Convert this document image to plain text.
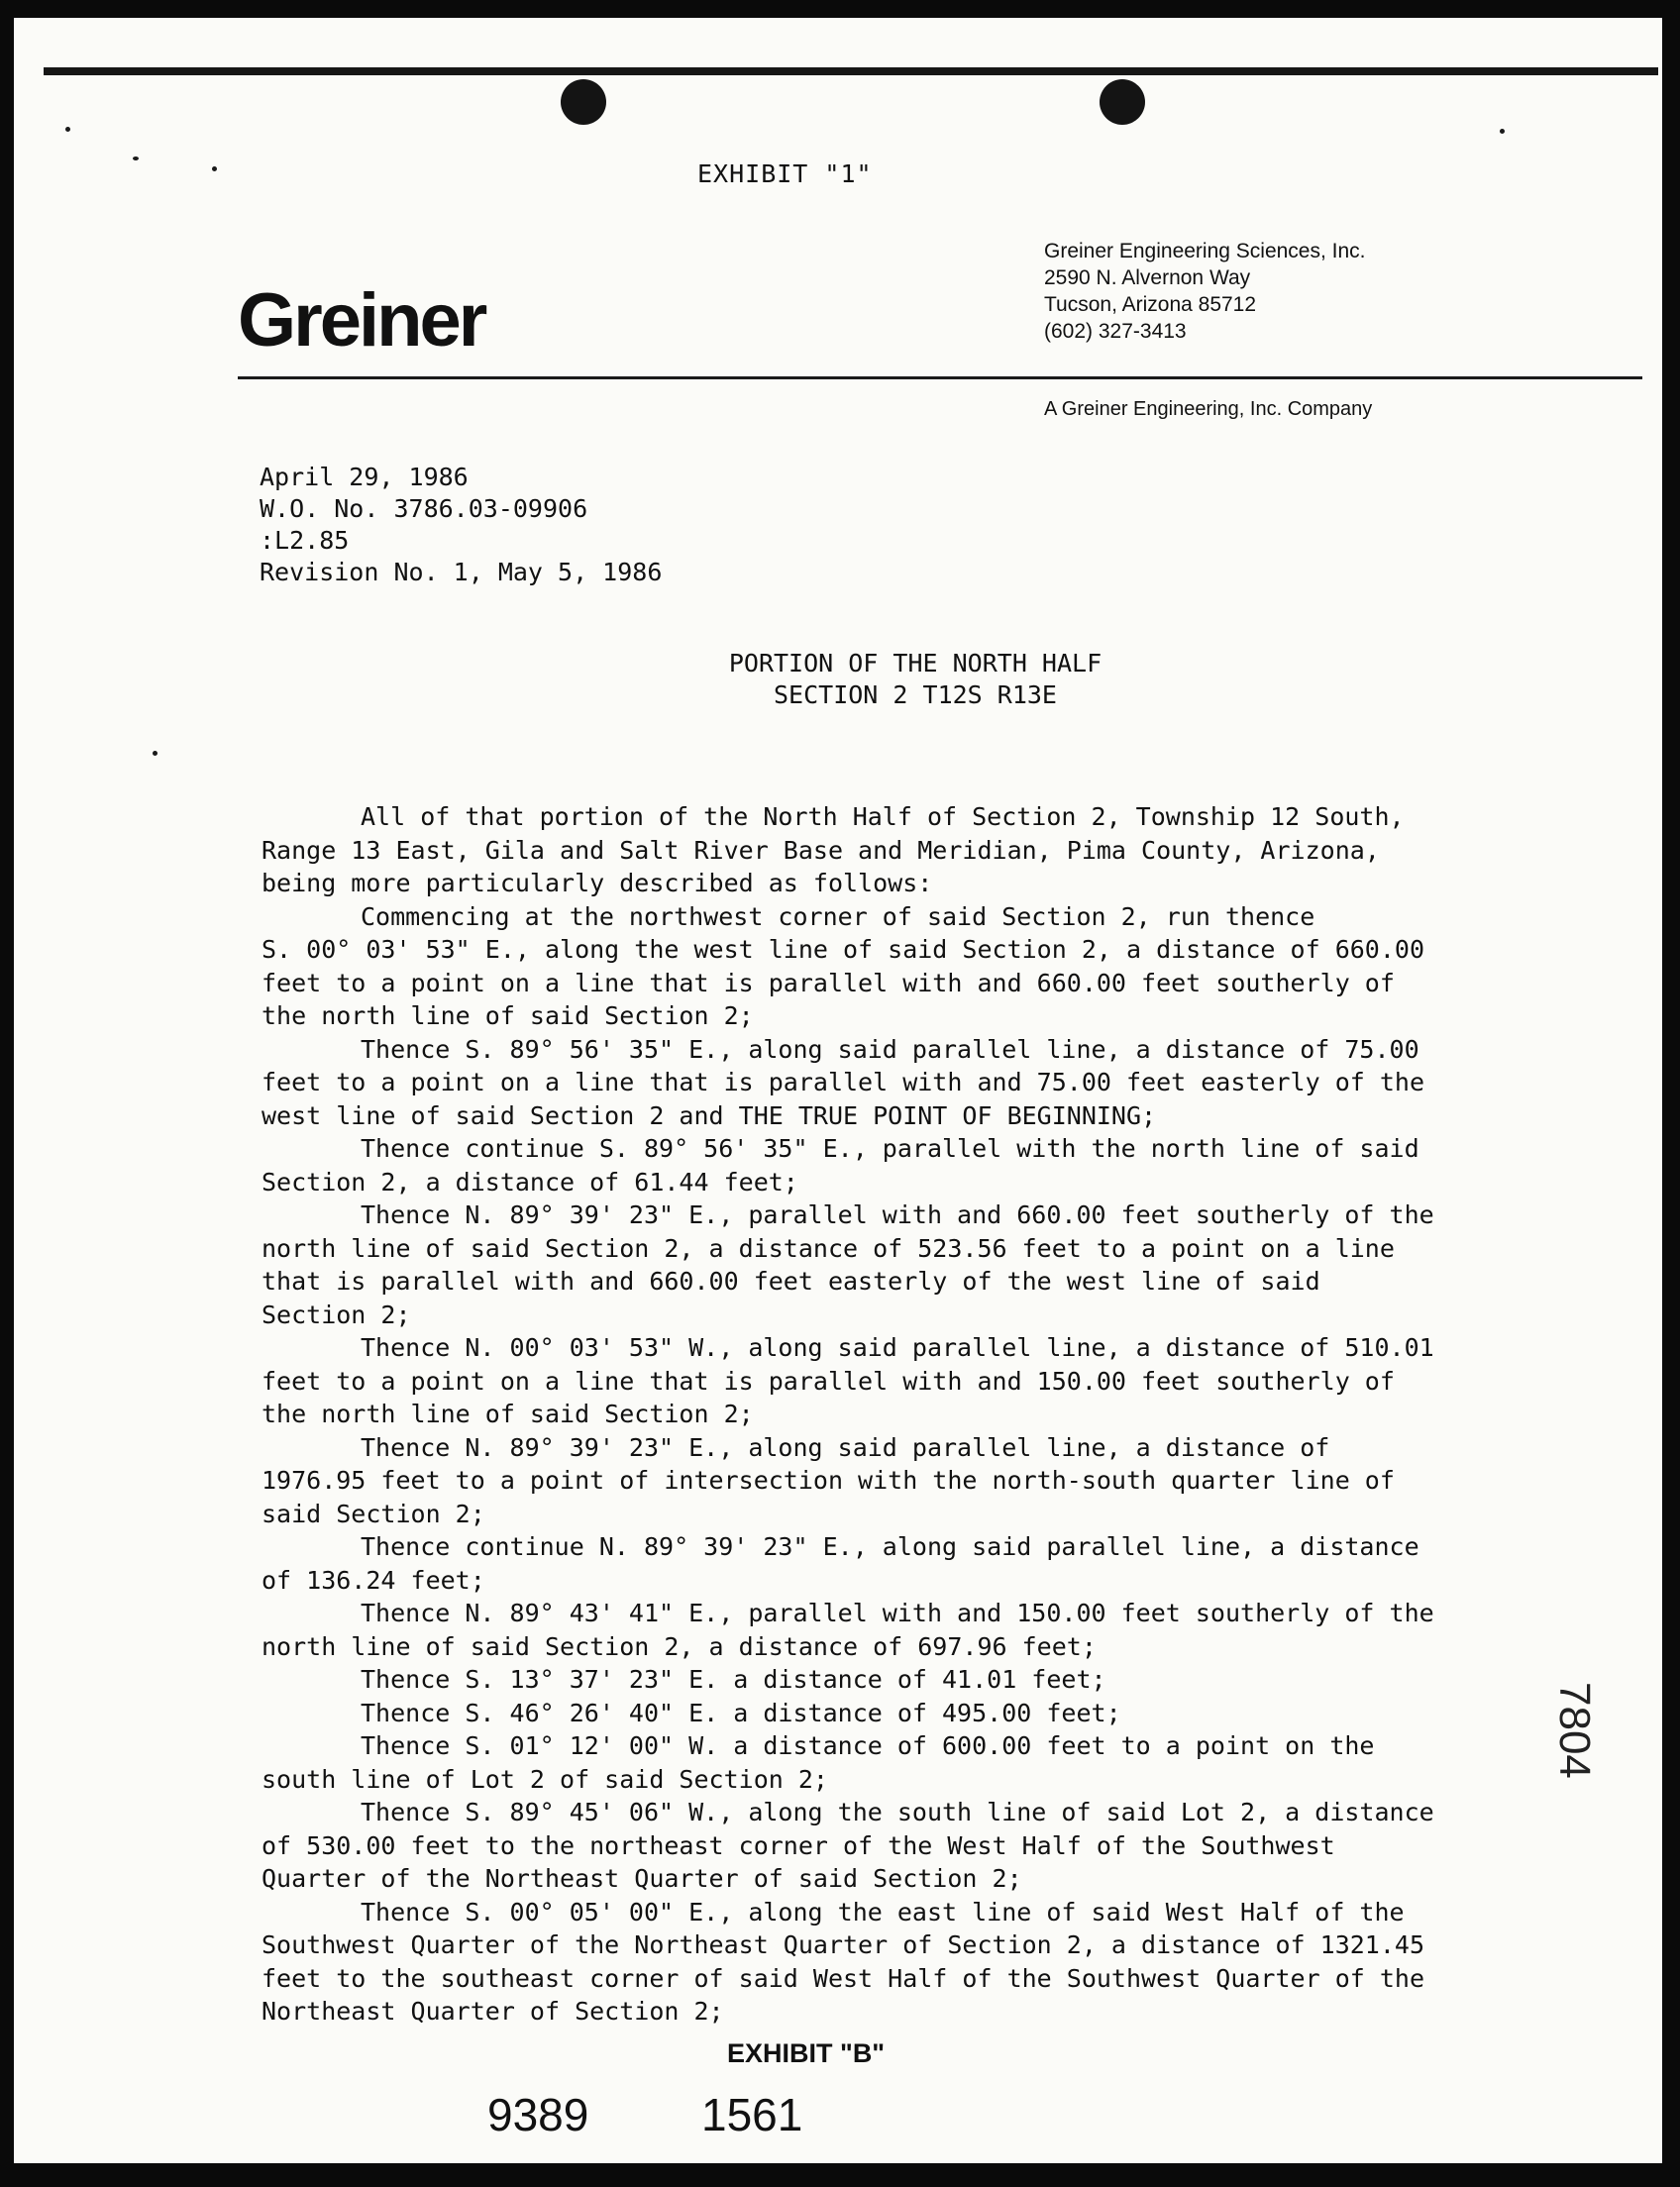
EXHIBIT "1"
Greiner
Greiner Engineering Sciences, Inc.
2590 N. Alvernon Way
Tucson, Arizona 85712
(602) 327-3413
A Greiner Engineering, Inc. Company
April 29, 1986
W.O. No. 3786.03-09906
:L2.85
Revision No. 1, May 5, 1986
PORTION OF THE NORTH HALF
SECTION 2 T12S R13E
All of that portion of the North Half of Section 2, Township 12 South,
Range 13 East, Gila and Salt River Base and Meridian, Pima County, Arizona,
being more particularly described as follows:
Commencing at the northwest corner of said Section 2, run thence
S. 00° 03' 53" E., along the west line of said Section 2, a distance of 660.00
feet to a point on a line that is parallel with and 660.00 feet southerly of
the north line of said Section 2;
Thence S. 89° 56' 35" E., along said parallel line, a distance of 75.00
feet to a point on a line that is parallel with and 75.00 feet easterly of the
west line of said Section 2 and THE TRUE POINT OF BEGINNING;
Thence continue S. 89° 56' 35" E., parallel with the north line of said
Section 2, a distance of 61.44 feet;
Thence N. 89° 39' 23" E., parallel with and 660.00 feet southerly of the
north line of said Section 2, a distance of 523.56 feet to a point on a line
that is parallel with and 660.00 feet easterly of the west line of said
Section 2;
Thence N. 00° 03' 53" W., along said parallel line, a distance of 510.01
feet to a point on a line that is parallel with and 150.00 feet southerly of
the north line of said Section 2;
Thence N. 89° 39' 23" E., along said parallel line, a distance of
1976.95 feet to a point of intersection with the north-south quarter line of
said Section 2;
Thence continue N. 89° 39' 23" E., along said parallel line, a distance
of 136.24 feet;
Thence N. 89° 43' 41" E., parallel with and 150.00 feet southerly of the
north line of said Section 2, a distance of 697.96 feet;
Thence S. 13° 37' 23" E. a distance of 41.01 feet;
Thence S. 46° 26' 40" E. a distance of 495.00 feet;
Thence S. 01° 12' 00" W. a distance of 600.00 feet to a point on the
south line of Lot 2 of said Section 2;
Thence S. 89° 45' 06" W., along the south line of said Lot 2, a distance
of 530.00 feet to the northeast corner of the West Half of the Southwest
Quarter of the Northeast Quarter of said Section 2;
Thence S. 00° 05' 00" E., along the east line of said West Half of the
Southwest Quarter of the Northeast Quarter of Section 2, a distance of 1321.45
feet to the southeast corner of said West Half of the Southwest Quarter of the
Northeast Quarter of Section 2;
EXHIBIT "B"
9389 1561
7804
